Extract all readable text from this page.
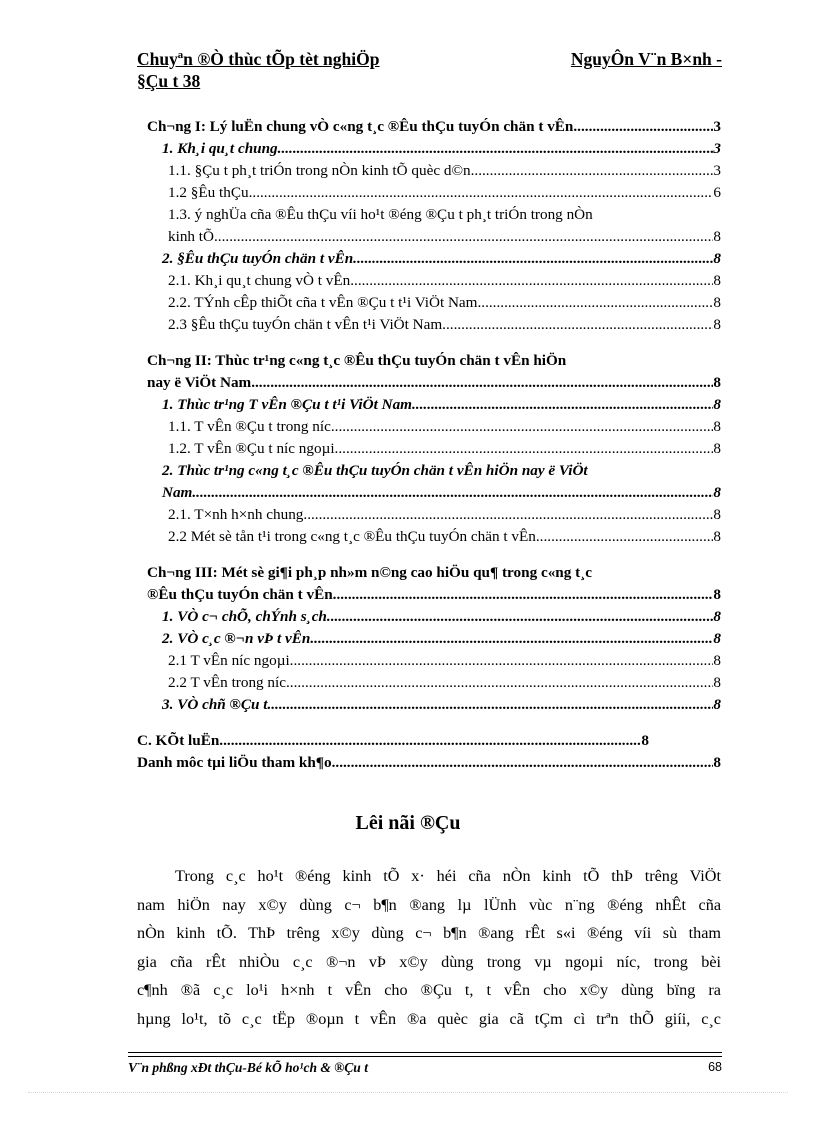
Chuyªn ®Ò thùc tÕp tèt nghiÖp	NguyÔn V¨n B×nh -
§Çu t 38
Ch¬ng I: Lý luËn chung vÒ c«ng t¸c ®Êu thÇu tuyÓn chän t vÊn.. .....	3
1. Kh¸i qu¸t chung. .....	3
1.1. §Çu t ph¸t triÓn trong nÒn kinh tÕ quèc d©n. .....	3
1.2 §Êu thÇu. .....	6
1.3. ý nghÜa cña ®Êu thÇu víi ho¹t ®éng ®Çu t ph¸t triÓn trong nÒn
kinh tÕ. .....	8
2. §Êu thÇu tuyÓn chän t vÊn. .....	8
2.1. Kh¸i qu¸t chung vÒ t vÊn. .....	8
2.2. TÝnh cÊp thiÕt cña t vÊn ®Çu t t¹i ViÖt Nam. .....	8
2.3 §Êu thÇu tuyÓn chän t vÊn t¹i ViÖt Nam. .....	8
Ch¬ng II: Thùc tr¹ng c«ng t¸c ®Êu thÇu tuyÓn chän t vÊn hiÖn
nay ë ViÖt Nam. .....	8
1. Thùc tr¹ng T vÊn ®Çu t t¹i ViÖt Nam. .....	8
1.1. T vÊn ®Çu t trong níc. .....	8
1.2. T vÊn ®Çu t níc ngoµi. .....	8
2. Thùc tr¹ng c«ng t¸c ®Êu thÇu tuyÓn chän t vÊn hiÖn nay ë ViÖt
Nam. .....	8
2.1. T×nh h×nh chung. .....	8
2.2 Mét sè tån t¹i trong c«ng t¸c ®Êu thÇu tuyÓn chän t vÊn. .....	8
Ch¬ng III: Mét sè gi¶i ph¸p nh»m n©ng cao hiÖu qu¶ trong c«ng t¸c
®Êu thÇu tuyÓn chän t vÊn. .....	8
1. VÒ c¬ chÕ, chÝnh s¸ch. .....	8
2. VÒ c¸c ®¬n vÞ t vÊn. .....	8
2.1 T vÊn níc ngoµi. .....	8
2.2 T vÊn trong níc. .....	8
3. VÒ chñ ®Çu t. .....	8
C. KÕt luËn. .....	8
Danh môc tµi liÖu tham kh¶o. .....	8
Lêi nãi ®Çu
Trong c¸c ho¹t ®éng kinh tÕ x· héi cña nÒn kinh tÕ thÞ trêng ViÖt
nam hiÖn nay x©y dùng c¬ b¶n ®ang lµ lÜnh vùc n¨ng ®éng nhÊt cña
nÒn kinh tÕ. ThÞ trêng x©y dùng c¬ b¶n ®ang rÊt s«i ®éng víi sù tham
gia cña rÊt nhiÒu c¸c ®¬n vÞ x©y dùng trong vµ ngoµi níc, trong bèi
c¶nh ®ã c¸c lo¹i h×nh t vÊn cho ®Çu t, t vÊn cho x©y dùng bïng ra
hµng lo¹t, tõ c¸c tËp ®oµn t vÊn ®a quèc gia cã tÇm cì trªn thÕ giíi, c¸c
V¨n phßng xÐt thÇu-Bé kÕ ho¹ch & ®Çu t	68
